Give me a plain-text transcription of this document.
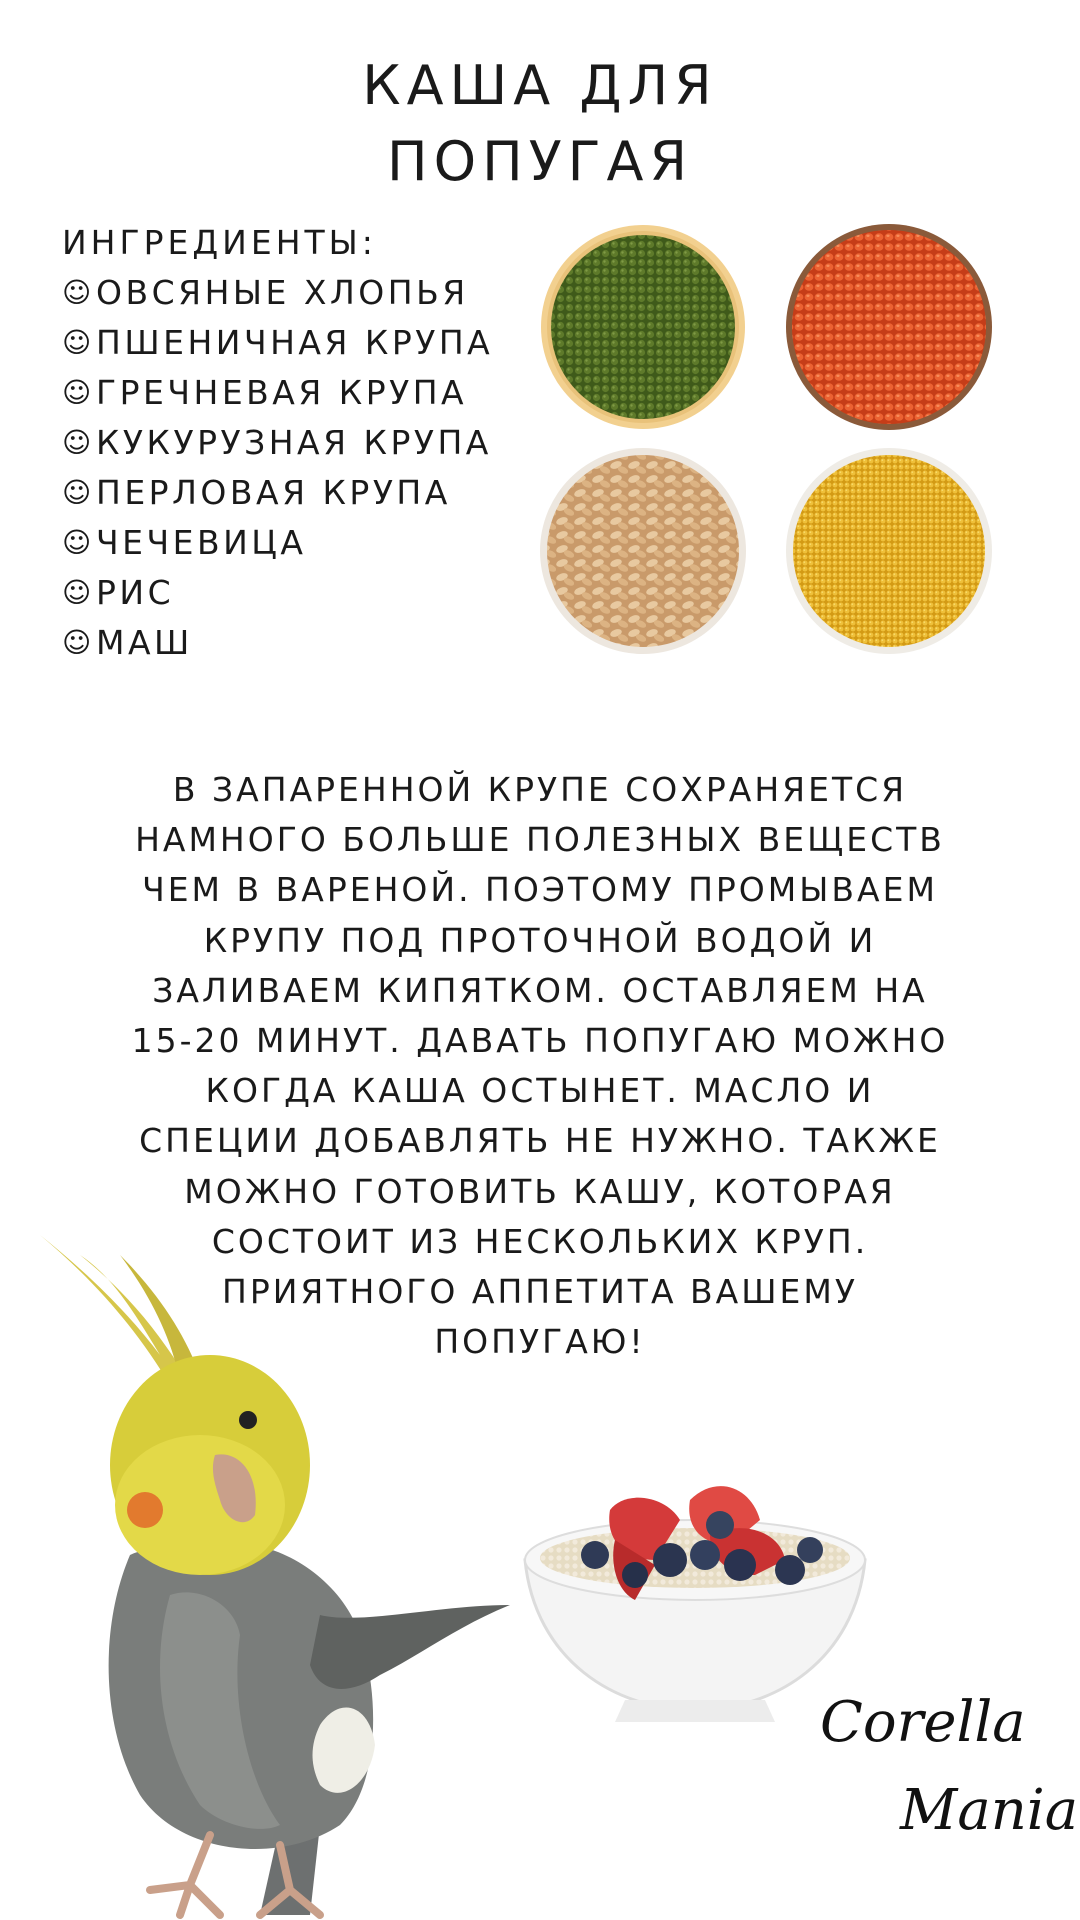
КАША ДЛЯ
ПОПУГАЯ
ИНГРЕДИЕНТЫ:
☺ ОВСЯНЫЕ ХЛОПЬЯ
☺ ПШЕНИЧНАЯ КРУПА
☺ ГРЕЧНЕВАЯ КРУПА
☺ КУКУРУЗНАЯ КРУПА
☺ ПЕРЛОВАЯ КРУПА
☺ ЧЕЧЕВИЦА
☺ РИС
☺ МАШ
В ЗАПАРЕННОЙ КРУПЕ СОХРАНЯЕТСЯ
НАМНОГО БОЛЬШЕ ПОЛЕЗНЫХ ВЕЩЕСТВ
ЧЕМ В ВАРЕНОЙ. ПОЭТОМУ ПРОМЫВАЕМ
КРУПУ ПОД ПРОТОЧНОЙ ВОДОЙ И
ЗАЛИВАЕМ КИПЯТКОМ. ОСТАВЛЯЕМ НА
15-20 МИНУТ. ДАВАТЬ ПОПУГАЮ МОЖНО
КОГДА КАША ОСТЫНЕТ. МАСЛО И
СПЕЦИИ ДОБАВЛЯТЬ НЕ НУЖНО. ТАКЖЕ
МОЖНО ГОТОВИТЬ КАШУ, КОТОРАЯ
СОСТОИТ ИЗ НЕСКОЛЬКИХ КРУП.
ПРИЯТНОГО АППЕТИТА ВАШЕМУ
ПОПУГАЮ!
Corella
Mania
